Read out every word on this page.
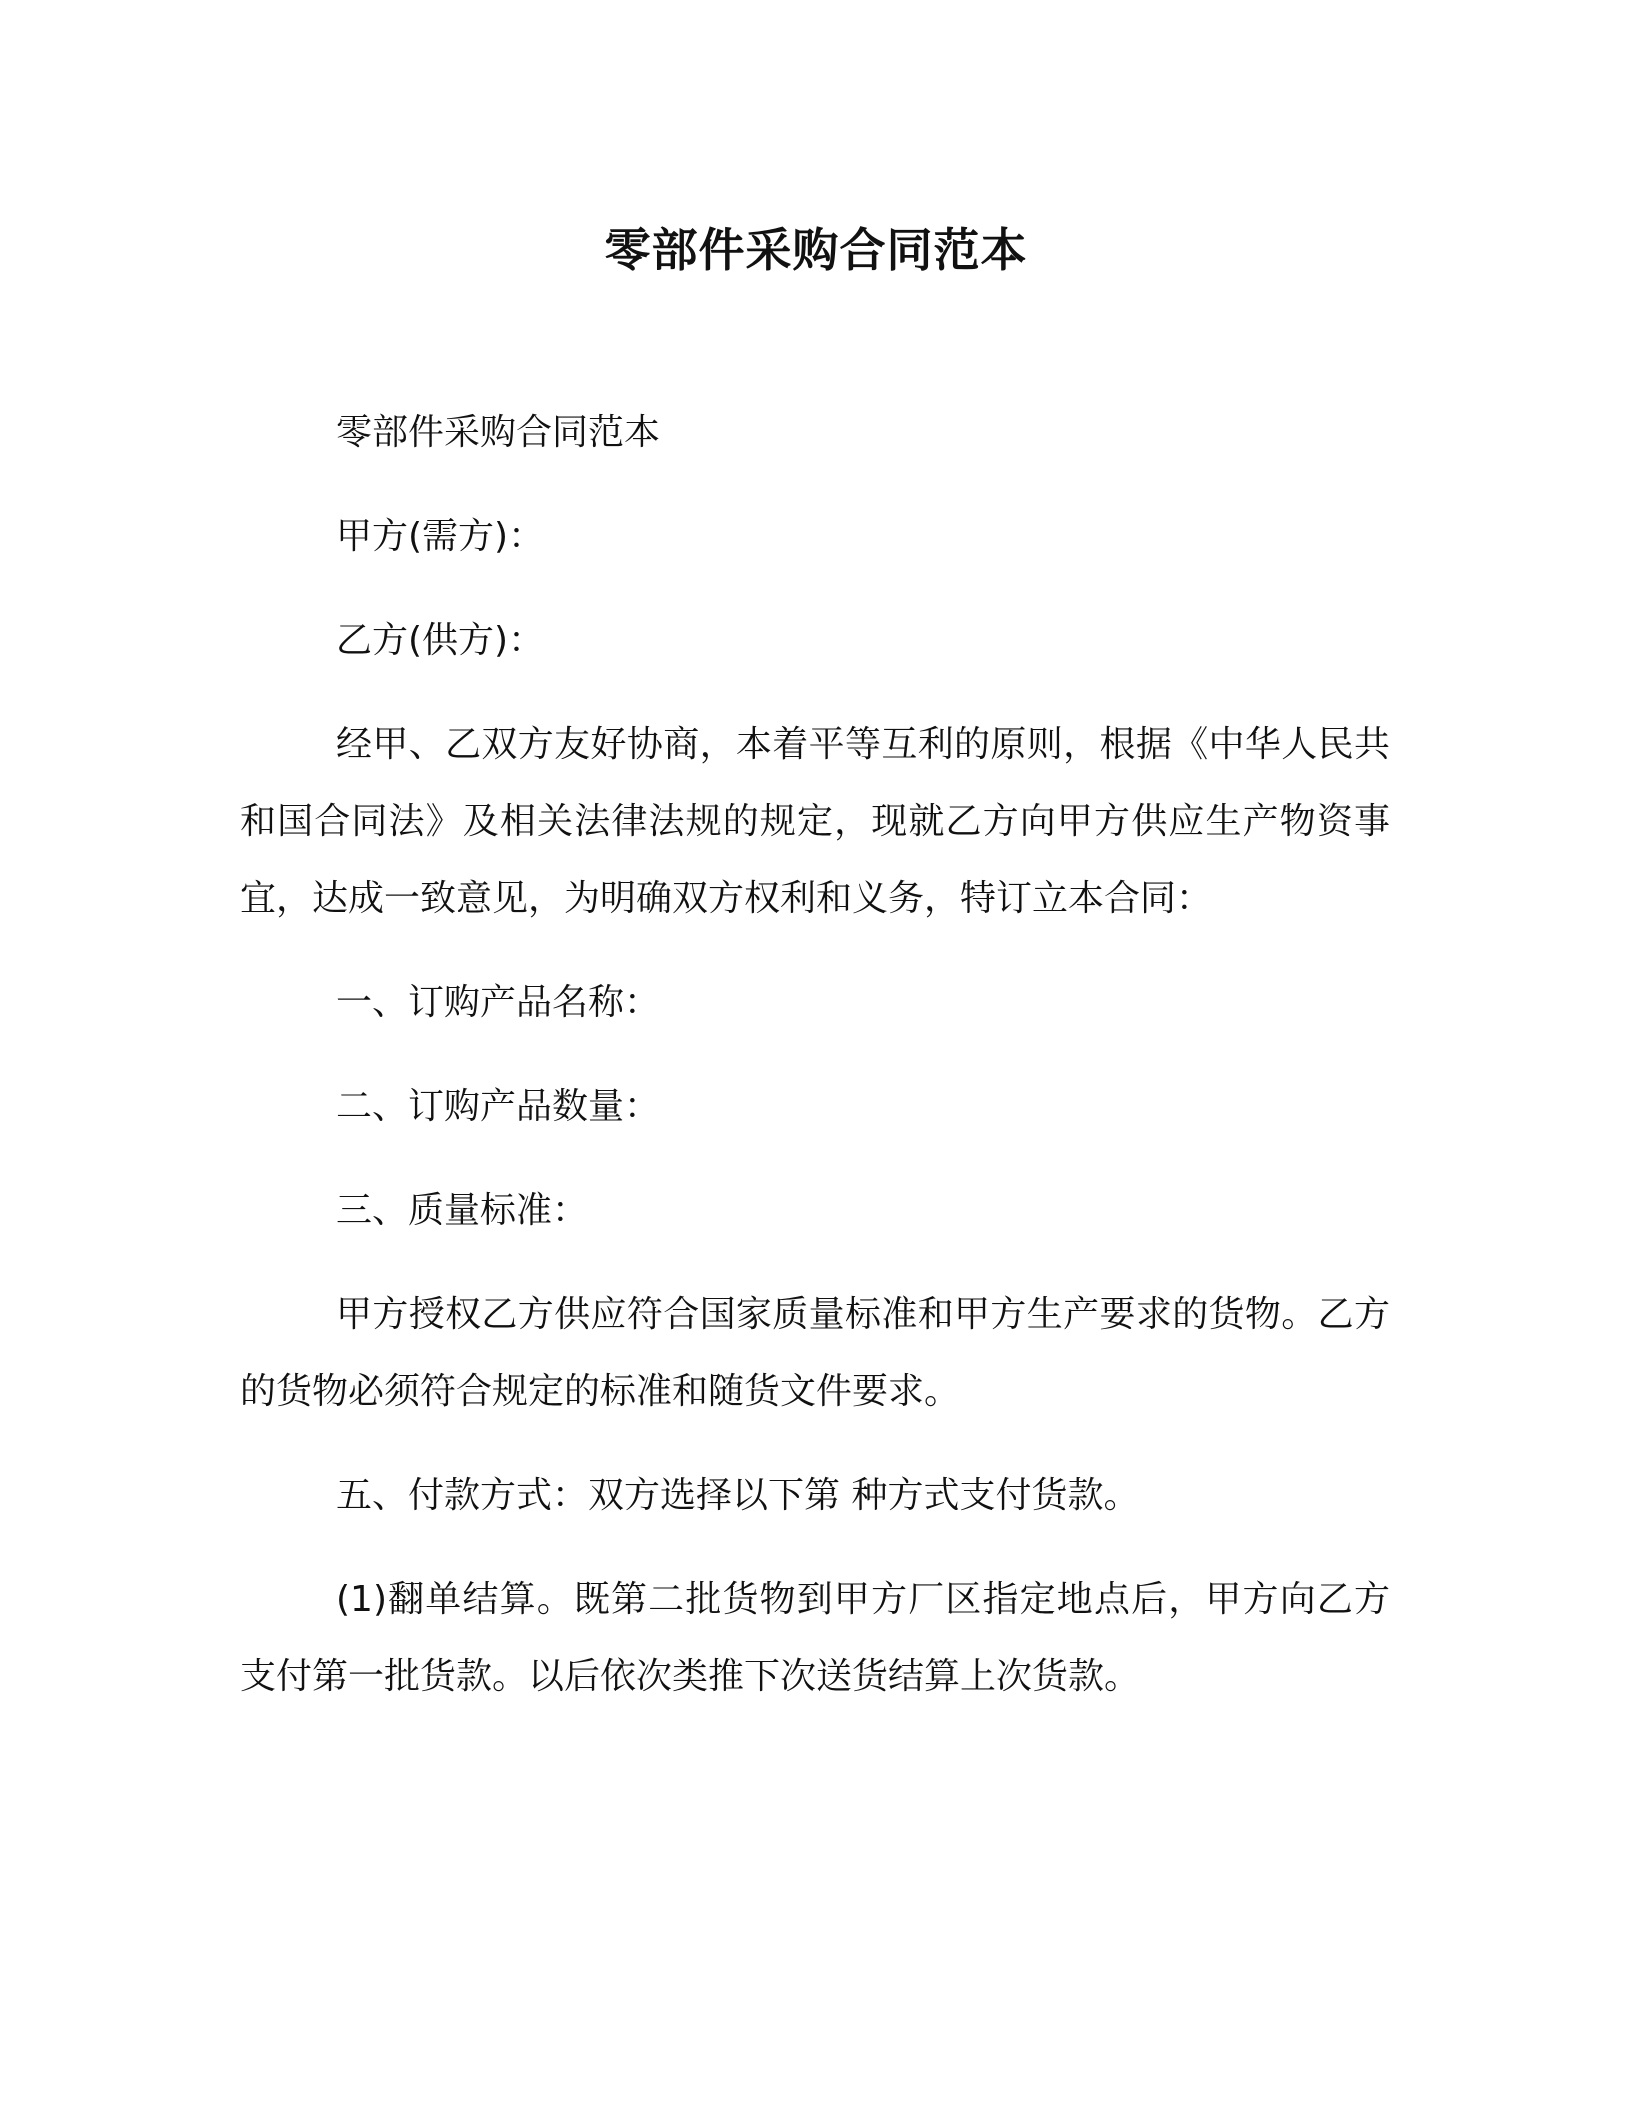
零部件采购合同范本

零部件采购合同范本

甲方(需方)：

乙方(供方)：

经甲、乙双方友好协商，本着平等互利的原则，根据《中华人民共和国合同法》及相关法律法规的规定，现就乙方向甲方供应生产物资事宜，达成一致意见，为明确双方权利和义务，特订立本合同：

一、订购产品名称：

二、订购产品数量：

三、质量标准：

甲方授权乙方供应符合国家质量标准和甲方生产要求的货物。乙方的货物必须符合规定的标准和随货文件要求。

五、付款方式：双方选择以下第 种方式支付货款。

(1)翻单结算。既第二批货物到甲方厂区指定地点后，甲方向乙方支付第一批货款。以后依次类推下次送货结算上次货款。
